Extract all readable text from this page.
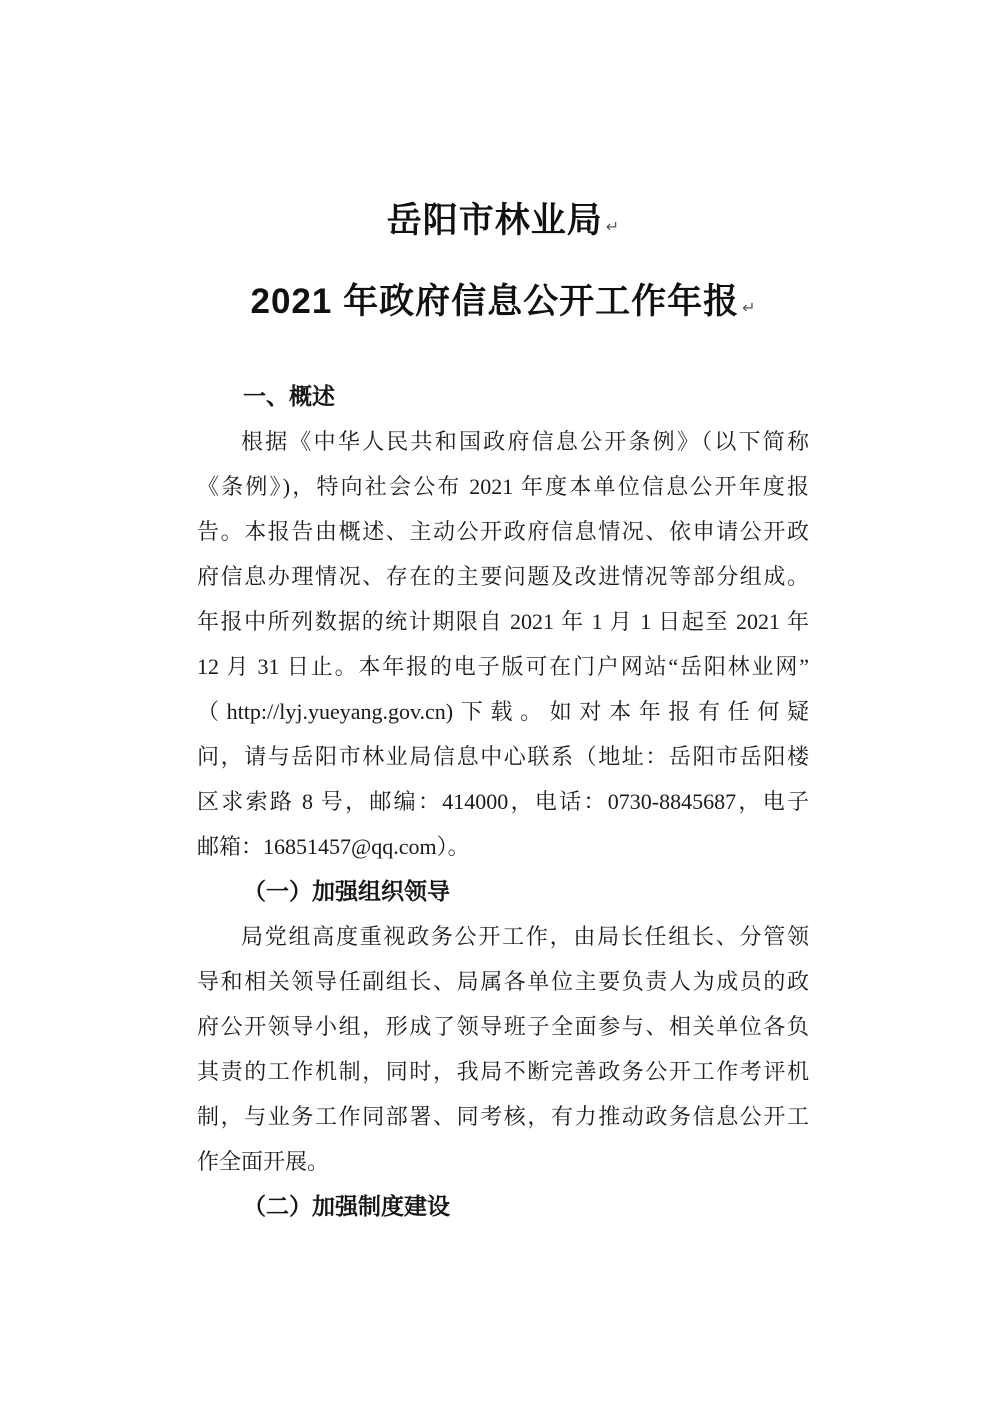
岳阳市林业局 ↵
2021 年政府信息公开工作年报 ↵
一、概述
根据《中华人民共和国政府信息公开条例》（以下简称
《条例》)，特向社会公布 2021 年度本单位信息公开年度报
告。本报告由概述、主动公开政府信息情况、依申请公开政
府信息办理情况、存在的主要问题及改进情况等部分组成。
年报中所列数据的统计期限自 2021 年 1 月 1 日起至 2021 年
12 月 31 日止。本年报的电子版可在门户网站“岳阳林业网”
（http://lyj.yueyang.gov.cn)下载。如对本年报有任何疑
问，请与岳阳市林业局信息中心联系（地址：岳阳市岳阳楼
区求索路 8 号，邮编：414000，电话：0730-8845687，电子
邮箱：16851457@qq.com）。
（一）加强组织领导
局党组高度重视政务公开工作，由局长任组长、分管领
导和相关领导任副组长、局属各单位主要负责人为成员的政
府公开领导小组，形成了领导班子全面参与、相关单位各负
其责的工作机制，同时，我局不断完善政务公开工作考评机
制，与业务工作同部署、同考核，有力推动政务信息公开工
作全面开展。
（二）加强制度建设
